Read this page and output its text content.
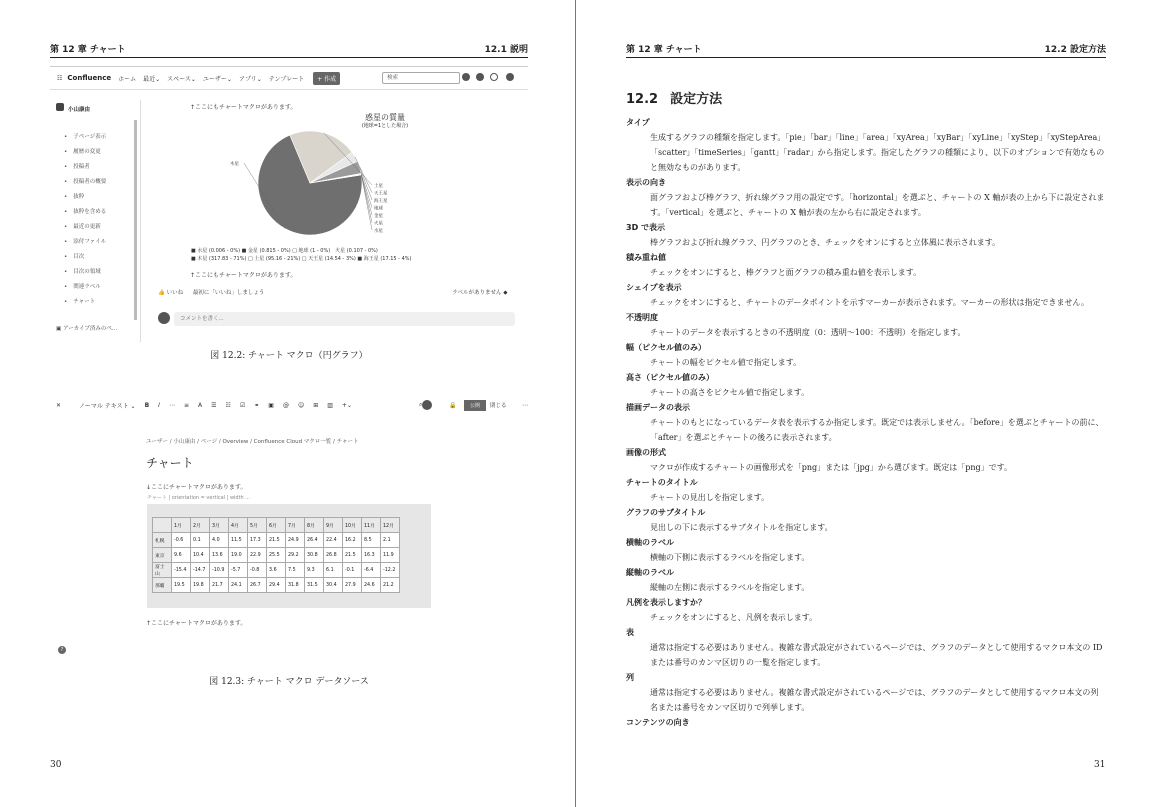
第 12 章 チャート	12.1 説明
☷ Confluence ホーム 最近⌄ スペース⌄ ユーザー⌄ アプリ⌄ テンプレート	+ 作成	検索
小山康由
• 子ページ表示
• 履歴の変更
• 投稿者
• 投稿者の概要
• 抜粋
• 抜粋を含める
• 最近の更新
• 添付ファイル
• 目次
• 目次の領域
• 関連ラベル
• チャート
▣ アーカイブ済みのペ...
↑ここにもチャートマクロがあります。
惑星の質量
(地球=1とした場合)
木星
土星
天王星
海王星
地球
金星
火星
水星
■ 水星 (0.006 - 0%) ■ 金星 (0.815 - 0%) □ 地球 (1 - 0%)　火星 (0.107 - 0%)
■ 木星 (317.83 - 71%) □ 土星 (95.16 - 21%) □ 天王星 (14.54 - 3%) ■ 海王星 (17.15 - 4%)
↑ここにもチャートマクロがあります。
👍 いいね 最初に「いいね」しましょう	ラベルがありません ◆
コメントを書く...
図 12.2: チャート マクロ（円グラフ）
✕	ノーマル テキスト ⌄ B I ⋯ ≡ A ☰ ☷ ☑ ⚭ ▣ @ ☺ ⊞ ▥ +⌄	⌕	🔒	公開	閉じる	⋯
ユーザー / 小山康由 / ページ / Overview / Confluence Cloud マクロ一覧 / チャート
チャート
↓ここにチャートマクロがあります。
チャート | orientation = vertical | width ...
	1月	2月	3月	4月	5月	6月	7月	8月	9月	10月	11月	12月
札幌	-0.6	0.1	4.0	11.5	17.3	21.5	24.9	26.4	22.4	16.2	8.5	2.1
東京	9.6	10.4	13.6	19.0	22.9	25.5	29.2	30.8	26.8	21.5	16.3	11.9
富士山	-15.4	-14.7	-10.9	-5.7	-0.8	3.6	7.5	9.3	6.1	-0.1	-6.4	-12.2
那覇	19.5	19.8	21.7	24.1	26.7	29.4	31.8	31.5	30.4	27.9	24.6	21.2
↑ここにチャートマクロがあります。
?
図 12.3: チャート マクロ データソース
30
第 12 章 チャート	12.2 設定方法
12.2 設定方法

タイプ

生成するグラフの種類を指定します。「pie」「bar」「line」「area」「xyArea」「xyBar」「xyLine」「xyStep」「xyStepArea」「scatter」「timeSeries」「gantt」「radar」から指定します。指定したグラフの種類により、以下のオプションで有効なものと無効なものがあります。

表示の向き

面グラフおよび棒グラフ、折れ線グラフ用の設定です。「horizontal」を選ぶと、チャートの X 軸が表の上から下に設定されます。「vertical」を選ぶと、チャートの X 軸が表の左から右に設定されます。

3D で表示

棒グラフおよび折れ線グラフ、円グラフのとき、チェックをオンにすると立体風に表示されます。

積み重ね値

チェックをオンにすると、棒グラフと面グラフの積み重ね値を表示します。

シェイプを表示

チェックをオンにすると、チャートのデータポイントを示すマーカーが表示されます。マーカーの形状は指定できません。

不透明度

チャートのデータを表示するときの不透明度（0：透明〜100：不透明）を指定します。

幅（ピクセル値のみ）

チャートの幅をピクセル値で指定します。

高さ（ピクセル値のみ）

チャートの高さをピクセル値で指定します。

描画データの表示

チャートのもとになっているデータ表を表示するか指定します。既定では表示しません。「before」を選ぶとチャートの前に、「after」を選ぶとチャートの後ろに表示されます。

画像の形式

マクロが作成するチャートの画像形式を「png」または「jpg」から選びます。既定は「png」です。

チャートのタイトル

チャートの見出しを指定します。

グラフのサブタイトル

見出しの下に表示するサブタイトルを指定します。

横軸のラベル

横軸の下側に表示するラベルを指定します。

縦軸のラベル

縦軸の左側に表示するラベルを指定します。

凡例を表示しますか？

チェックをオンにすると、凡例を表示します。

表

通常は指定する必要はありません。複雑な書式設定がされているページでは、グラフのデータとして使用するマクロ本文の ID または番号のカンマ区切りの一覧を指定します。

列

通常は指定する必要はありません。複雑な書式設定がされているページでは、グラフのデータとして使用するマクロ本文の列名または番号をカンマ区切りで列挙します。

コンテンツの向き

31
